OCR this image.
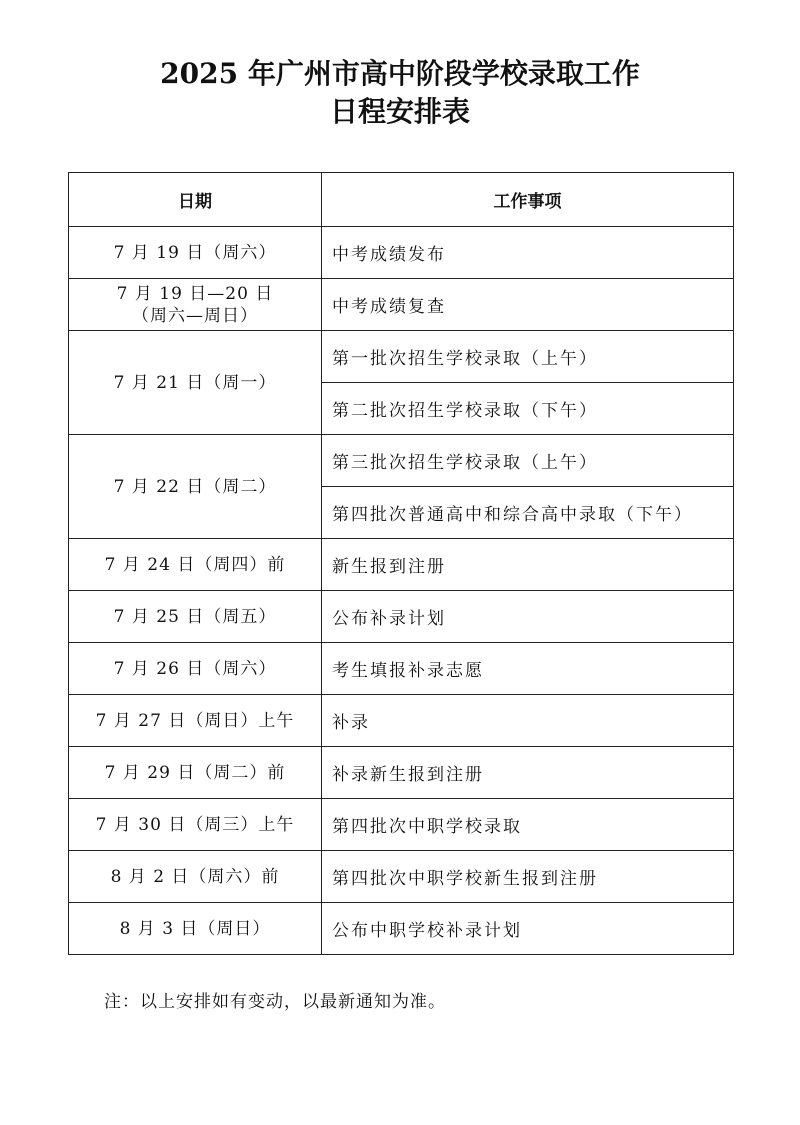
2025 年广州市高中阶段学校录取工作
日程安排表
日期	工作事项

7 月 19 日（周六）	中考成绩发布

7 月 19 日—20 日
（周六—周日）	中考成绩复查

7 月 21 日（周一）	第一批次招生学校录取（上午）
	第二批次招生学校录取（下午）

7 月 22 日（周二）	第三批次招生学校录取（上午）
	第四批次普通高中和综合高中录取（下午）

7 月 24 日（周四）前	新生报到注册

7 月 25 日（周五）	公布补录计划

7 月 26 日（周六）	考生填报补录志愿

7 月 27 日（周日）上午	补录

7 月 29 日（周二）前	补录新生报到注册

7 月 30 日（周三）上午	第四批次中职学校录取

8 月 2 日（周六）前	第四批次中职学校新生报到注册

8 月 3 日（周日）	公布中职学校补录计划
注：以上安排如有变动，以最新通知为准。
